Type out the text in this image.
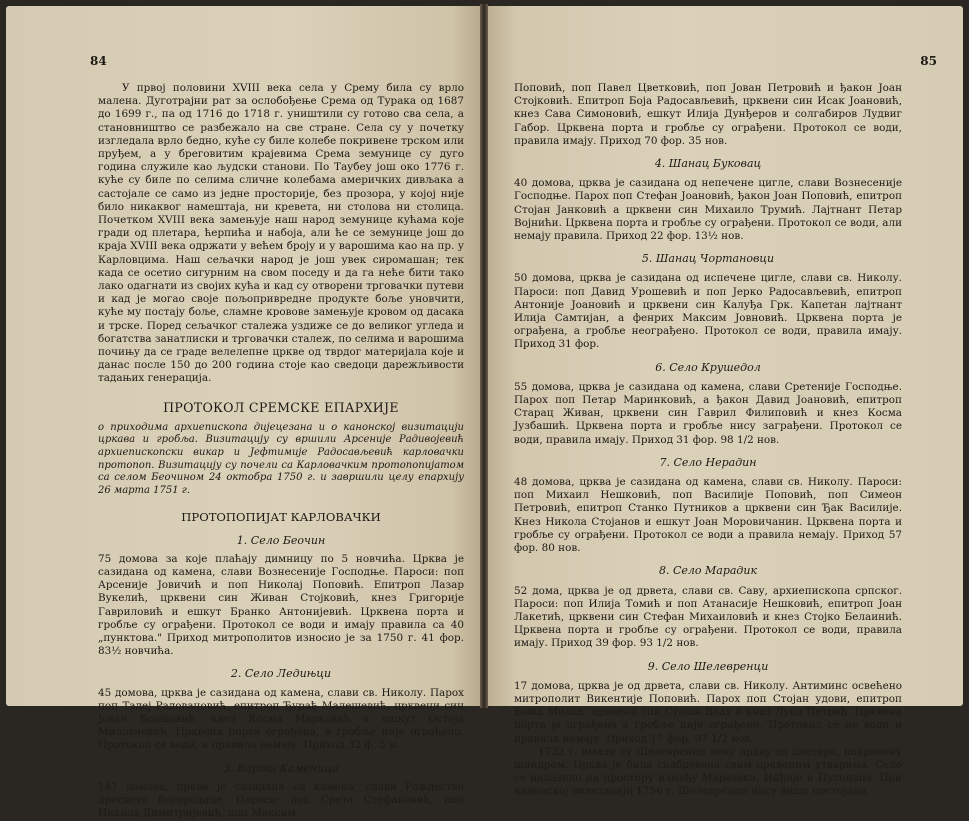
84

У првој половини XVIII века села у Срему била су врло малена. Дуготрајни рат за ослобођење Срема од Турака од 1687 до 1699 г., па од 1716 до 1718 г. уништили су готово сва села, а становништво се разбежало на све стране. Села су у почетку изгледала врло бедно, куће су биле колебе покривене трском или пруђем, а у бреговитим крајевима Срема земунице су дуго година служиле као људски станови. По Таубеу још око 1776 г. куће су биле по селима сличне колебама америчких дивљака а састојале се само из једне просторије, без прозора, у којој није било никаквог намештаја, ни кревета, ни столова ни столица. Почетком XVIII века замењује наш народ земунице кућама које гради од плетара, ћерпића и набоја, али ће се земунице још до краја XVIII века одржати у већем броју и у варошима као на пр. у Карловцима. Наш сељачки народ је још увек сиромашан; тек када се осетио сигурним на свом поседу и да га неће бити тако лако одагнати из својих кућа и кад су отворени трговачки путеви и кад је могао своје пољопривредне продукте боље уновчити, куће му постају боље, сламне кровове замењује кровом од дасака и трске. Поред сељачког сталежа уздиже се до великог угледа и богатства занатлиски и трговачки сталеж, по селима и варошима почињу да се граде велелепне цркве од тврдог материјала које и данас после 150 до 200 година стоје као сведоци дарежљивости тадањих генерација.

ПРОТОКОЛ СРЕМСКЕ ЕПАРХИЈЕ

о приходима архиепископа дијецезана и о канонској визитацији цркава и гробља. Визитацију су вршили Арсеније Радивојевић архиепископски викар и Јефтимије Радосављевић карловачки протопоп. Визитацију су почели са Карловачким протопопијатом са селом Беочином 24 октобра 1750 г. и завршили целу епархију 26 марта 1751 г.

ПРОТОПОПИЈАТ КАРЛОВАЧКИ
1. Село Беочин

75 домова за које плаћају димницу по 5 новчића. Црква је сазидана од камена, слави Вознесеније Господње. Пароси: поп Арсеније Јовичић и поп Николај Поповић. Епитроп Лазар Вукелић, црквени син Живан Стојковић, кнез Григорије Гавриловић и ешкут Бранко Антонијевић. Црквена порта и гробље су ограђени. Протокол се води и имају правила са 40 „пунктова." Приход митрополитов износио је за 1750 г. 41 фор. 83½ новчића.

2. Село Ледињци

45 домова, црква је сазидана од камена, слави св. Николу. Парох поп Тадеј Радовановић, епитроп Ђурађ Малешевић, црквени син Јован Бошковић, кнез Косма Марковић и ешкут Остоја Миловчевић. Црквена порта ограђена, а гробље није ограђено. Протокол се води, а правила немају. Приход 32 ф. 5 н.

3. Варош Каменица

147 домова, црква је сазидана од камена, слави Рождество пресвете Богородице. Пароси: поп Срета Стефановић, поп Никола Димитријевић, поп Максим

85

Поповић, поп Павел Цветковић, поп Јован Петровић и ђакон Јоан Стојковић. Епитроп Боја Радосављевић, црквени син Исак Јоановић, кнез Сава Симоновић, ешкут Илија Дунђеров и солгабиров Лудвиг Габор. Црквена порта и гробље су ограђени. Протокол се води, правила имају. Приход 70 фор. 35 нов.

4. Шанац Буковац

40 домова, црква је сазидана од непечене цигле, слави Вознесеније Господње. Парох поп Стефан Јоановић, ђакон Јоан Поповић, епитроп Стојан Јанковић а црквени син Михаило Трумић. Лајтнант Петар Војнићи. Црквена порта и гробље су ограђени. Протокол се води, али немају правила. Приход 22 фор. 13½ нов.

5. Шанац Чортановци

50 домова, црква је сазидана од испечене цигле, слави св. Николу. Пароси: поп Давид Урошевић и поп Јерко Радосављевић, епитроп Антоније Јоановић и црквени син Калуђа Грк. Капетан лајтнант Илија Самтијан, а фенрих Максим Јовновић. Црквена порта је ограђена, а гробље неограђено. Протокол се води, правила имају. Приход 31 фор.

6. Село Крушедол

55 домова, црква је сазидана од камена, слави Сретеније Господње. Парох поп Петар Маринковић, а ђакон Давид Јоановић, епитроп Старац Живан, црквени син Гаврил Филиповић и кнез Косма Јузбашић. Црквена порта и гробље нису заграђени. Протокол се води, правила имају. Приход 31 фор. 98 1/2 нов.

7. Село Нерадин

48 домова, црква је сазидана од камена, слави св. Николу. Пароси: поп Михаил Нешковић, поп Василије Поповић, поп Симеон Петровић, епитроп Станко Путников а црквени син Ђак Василије. Кнез Никола Стојанов и ешкут Јоан Моровичанин. Црквена порта и гробље су ограђени. Протокол се води а правила немају. Приход 57 фор. 80 нов.

8. Село Марадик

52 дома, црква је од дрвета, слави св. Саву, архиепископа српског. Пароси: поп Илија Томић и поп Атанасије Нешковић, епитроп Јоан Лакетић, црквени син Стефан Михаиловић и кнез Стојко Белаинић. Црквена порта и гробље су ограђени. Протокол се води, правила имају. Приход 39 фор. 93 1/2 нов.

9. Село Шелевренци

17 домова, црква је од дрвета, слави св. Николу. Антиминс освећено митрополит Викентије Поповић. Парох поп Стојан удови, епитроп Божа Михић, црквени син Стојан Влах и кнез Лука Петрић. Црквена порта је ограђена а гробље није ограђено. Протокол се не води и правила немају. Приход 17 фор. 97 1/2 нов.

1732 г. имали су Шелевренци нову цркву од плетара, покривену шиндром. Црква је била снабдевена свим црквеним утварима. Село се налазило на простору између Мараввка, Инђије и Путинаца. При канонској визитацији 1756 г. Шелевренци нису више постојали.
